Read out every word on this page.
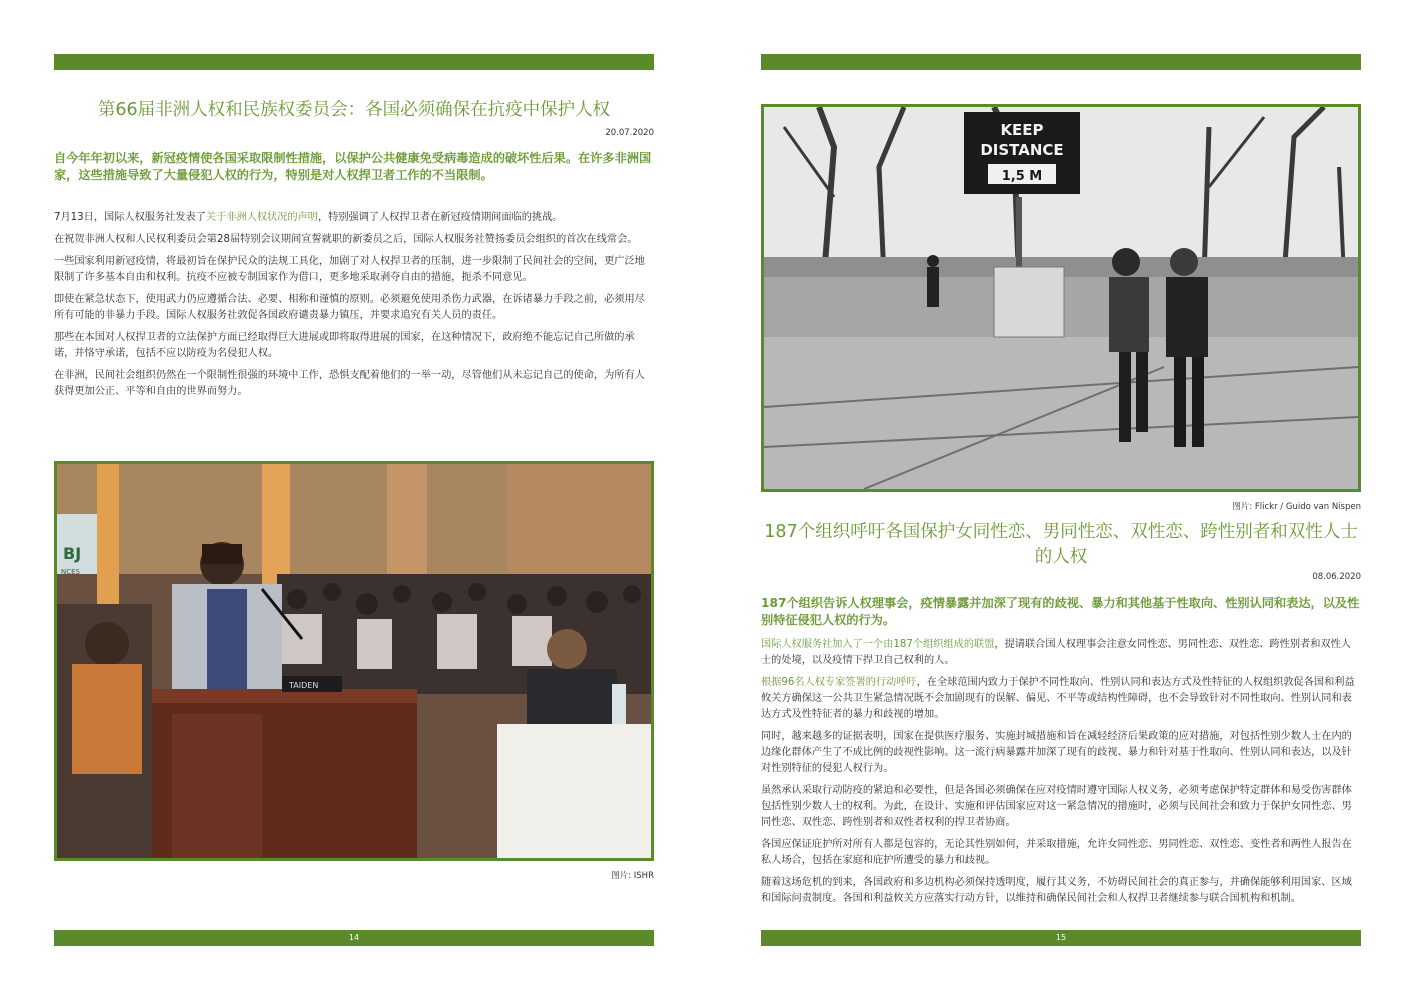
第66届非洲人权和民族权委员会：各国必须确保在抗疫中保护人权
20.07.2020

自今年年初以来，新冠疫情使各国采取限制性措施，以保护公共健康免受病毒造成的破坏性后果。在许多非洲国家，这些措施导致了大量侵犯人权的行为，特别是对人权捍卫者工作的不当限制。

7月13日，国际人权服务社发表了关于非洲人权状况的声明，特别强调了人权捍卫者在新冠疫情期间面临的挑战。

在祝贺非洲人权和人民权利委员会第28届特别会议期间宣誓就职的新委员之后，国际人权服务社赞扬委员会组织的首次在线常会。

一些国家利用新冠疫情，将最初旨在保护民众的法规工具化，加剧了对人权捍卫者的压制，进一步限制了民间社会的空间，更广泛地限制了许多基本自由和权利。抗疫不应被专制国家作为借口，更多地采取剥夺自由的措施，扼杀不同意见。

即使在紧急状态下，使用武力仍应遵循合法、必要、相称和谨慎的原则。必须避免使用杀伤力武器，在诉诸暴力手段之前，必须用尽所有可能的非暴力手段。国际人权服务社敦促各国政府谴责暴力镇压，并要求追究有关人员的责任。

那些在本国对人权捍卫者的立法保护方面已经取得巨大进展或即将取得进展的国家，在这种情况下，政府绝不能忘记自己所做的承诺，并恪守承诺，包括不应以防疫为名侵犯人权。

在非洲，民间社会组织仍然在一个限制性很强的环境中工作，恐惧支配着他们的一举一动，尽管他们从未忘记自己的使命，为所有人获得更加公正、平等和自由的世界而努力。

BJ
NCES
TAIDEN
图片: ISHR
14
KEEP
DISTANCE
1,5 M
图片: Flickr / Guido van Nispen
187个组织呼吁各国保护女同性恋、男同性恋、双性恋、跨性别者和双性人士的人权
08.06.2020

187个组织告诉人权理事会，疫情暴露并加深了现有的歧视、暴力和其他基于性取向、性别认同和表达，以及性别特征侵犯人权的行为。

国际人权服务社加入了一个由187个组织组成的联盟，提请联合国人权理事会注意女同性恋、男同性恋、双性恋、跨性别者和双性人士的处境，以及疫情下捍卫自己权利的人。

根据96名人权专家签署的行动呼吁，在全球范围内致力于保护不同性取向、性别认同和表达方式及性特征的人权组织敦促各国和利益攸关方确保这一公共卫生紧急情况既不会加剧现有的误解、偏见、不平等或结构性障碍，也不会导致针对不同性取向、性别认同和表达方式及性特征者的暴力和歧视的增加。

同时，越来越多的证据表明，国家在提供医疗服务、实施封城措施和旨在减轻经济后果政策的应对措施，对包括性别少数人士在内的边缘化群体产生了不成比例的歧视性影响。这一流行病暴露并加深了现有的歧视、暴力和针对基于性取向、性别认同和表达，以及针对性别特征的侵犯人权行为。

虽然承认采取行动防疫的紧迫和必要性，但是各国必须确保在应对疫情时遵守国际人权义务，必须考虑保护特定群体和易受伤害群体包括性别少数人士的权利。为此，在设计、实施和评估国家应对这一紧急情况的措施时，必须与民间社会和致力于保护女同性恋、男同性恋、双性恋、跨性别者和双性者权利的捍卫者协商。

各国应保证庇护所对所有人都是包容的，无论其性别如何，并采取措施，允许女同性恋、男同性恋、双性恋、变性者和两性人报告在私人场合，包括在家庭和庇护所遭受的暴力和歧视。

随着这场危机的到来，各国政府和多边机构必须保持透明度，履行其义务，不妨碍民间社会的真正参与，并确保能够利用国家、区域和国际问责制度。各国和利益攸关方应落实行动方针，以维持和确保民间社会和人权捍卫者继续参与联合国机构和机制。

15
